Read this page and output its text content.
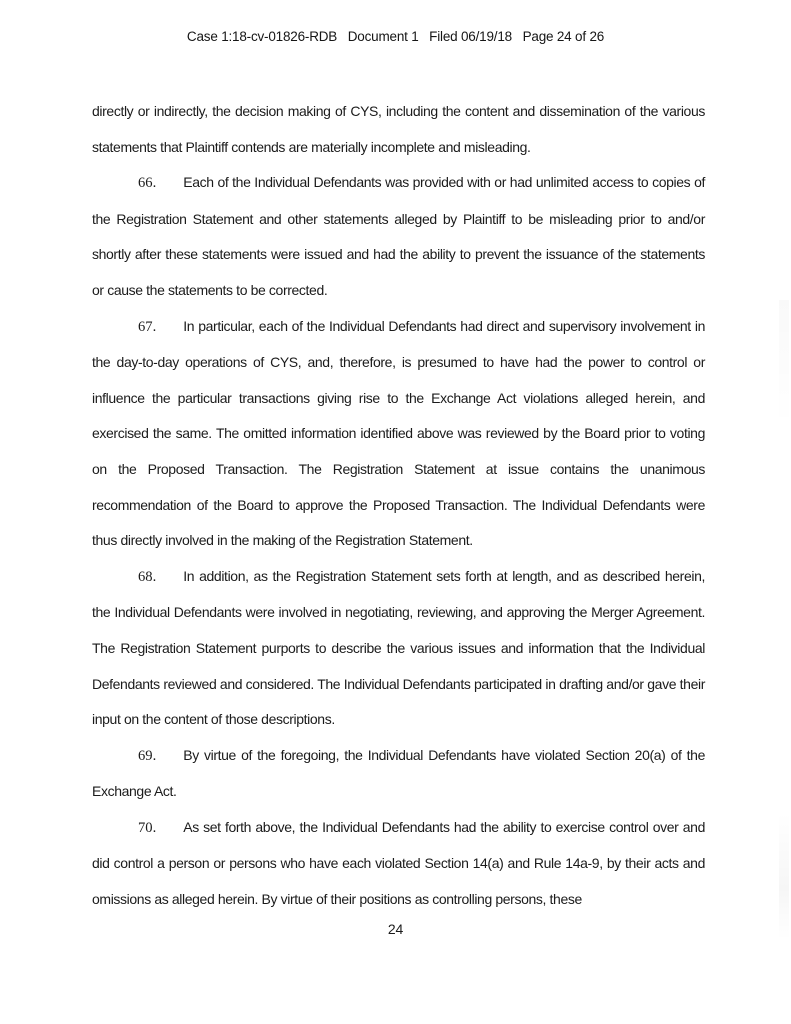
Case 1:18-cv-01826-RDB   Document 1   Filed 06/19/18   Page 24 of 26

directly or indirectly, the decision making of CYS, including the content and dissemination of the various statements that Plaintiff contends are materially incomplete and misleading.

66. Each of the Individual Defendants was provided with or had unlimited access to copies of the Registration Statement and other statements alleged by Plaintiff to be misleading prior to and/or shortly after these statements were issued and had the ability to prevent the issuance of the statements or cause the statements to be corrected.

67. In particular, each of the Individual Defendants had direct and supervisory involvement in the day-to-day operations of CYS, and, therefore, is presumed to have had the power to control or influence the particular transactions giving rise to the Exchange Act violations alleged herein, and exercised the same. The omitted information identified above was reviewed by the Board prior to voting on the Proposed Transaction. The Registration Statement at issue contains the unanimous recommendation of the Board to approve the Proposed Transaction. The Individual Defendants were thus directly involved in the making of the Registration Statement.

68. In addition, as the Registration Statement sets forth at length, and as described herein, the Individual Defendants were involved in negotiating, reviewing, and approving the Merger Agreement. The Registration Statement purports to describe the various issues and information that the Individual Defendants reviewed and considered. The Individual Defendants participated in drafting and/or gave their input on the content of those descriptions.

69. By virtue of the foregoing, the Individual Defendants have violated Section 20(a) of the Exchange Act.

70. As set forth above, the Individual Defendants had the ability to exercise control over and did control a person or persons who have each violated Section 14(a) and Rule 14a-9, by their acts and omissions as alleged herein. By virtue of their positions as controlling persons, these

24
